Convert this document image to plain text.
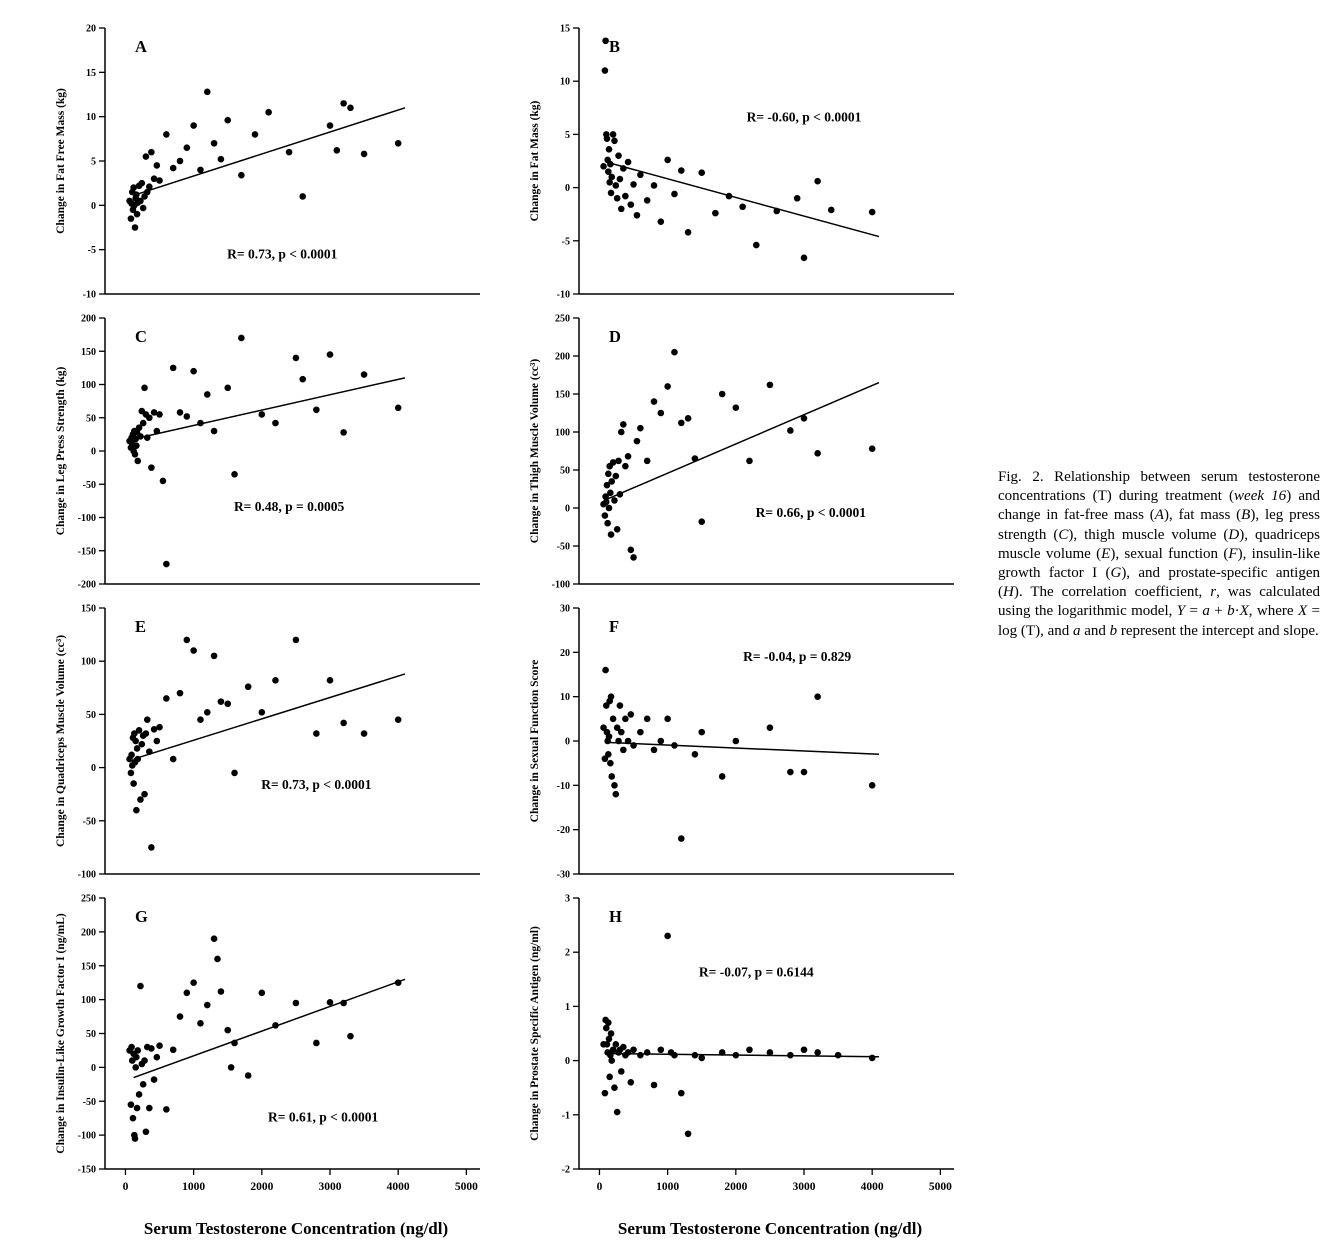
20
15
10
5
0
-5
-10
A
R= 0.73, p < 0.0001
Change in Fat Free Mass (kg)
200
150
100
50
0
-50
-100
-150
-200
C
R= 0.48, p = 0.0005
Change in Leg Press Strength (kg)
150
100
50
0
-50
-100
E
R= 0.73, p < 0.0001
Change in Quadriceps Muscle Volume (cc³)
250
200
150
100
50
0
-50
-100
-150
0	1000	2000	3000	4000	5000
G
R= 0.61, p < 0.0001
Change in Insulin-Like Growth Factor I (ng/mL)
Serum Testosterone Concentration (ng/dl)
15
10
5
0
-5
-10
B
R= -0.60, p < 0.0001
Change in Fat Mass (kg)
250
200
150
100
50
0
-50
-100
D
R= 0.66, p < 0.0001
Change in Thigh Muscle Volume (cc³)
30
20
10
0
-10
-20
-30
F
R= -0.04, p = 0.829
Change in Sexual Function Score
3
2
1
0
-1
-2
0	1000	2000	3000	4000	5000
H
R= -0.07, p = 0.6144
Change in Prostate Specific Antigen (ng/ml)
Serum Testosterone Concentration (ng/dl)
Fig. 2. Relationship between serum testosterone concentrations (T) during treatment (week 16) and change in fat-free mass (A), fat mass (B), leg press strength (C), thigh muscle volume (D), quadriceps muscle volume (E), sexual function (F), insulin-like growth factor I (G), and prostate-specific antigen (H). The correlation coefficient, r, was calculated using the logarithmic model, Y = a + b·X, where X = log (T), and a and b represent the intercept and slope.
